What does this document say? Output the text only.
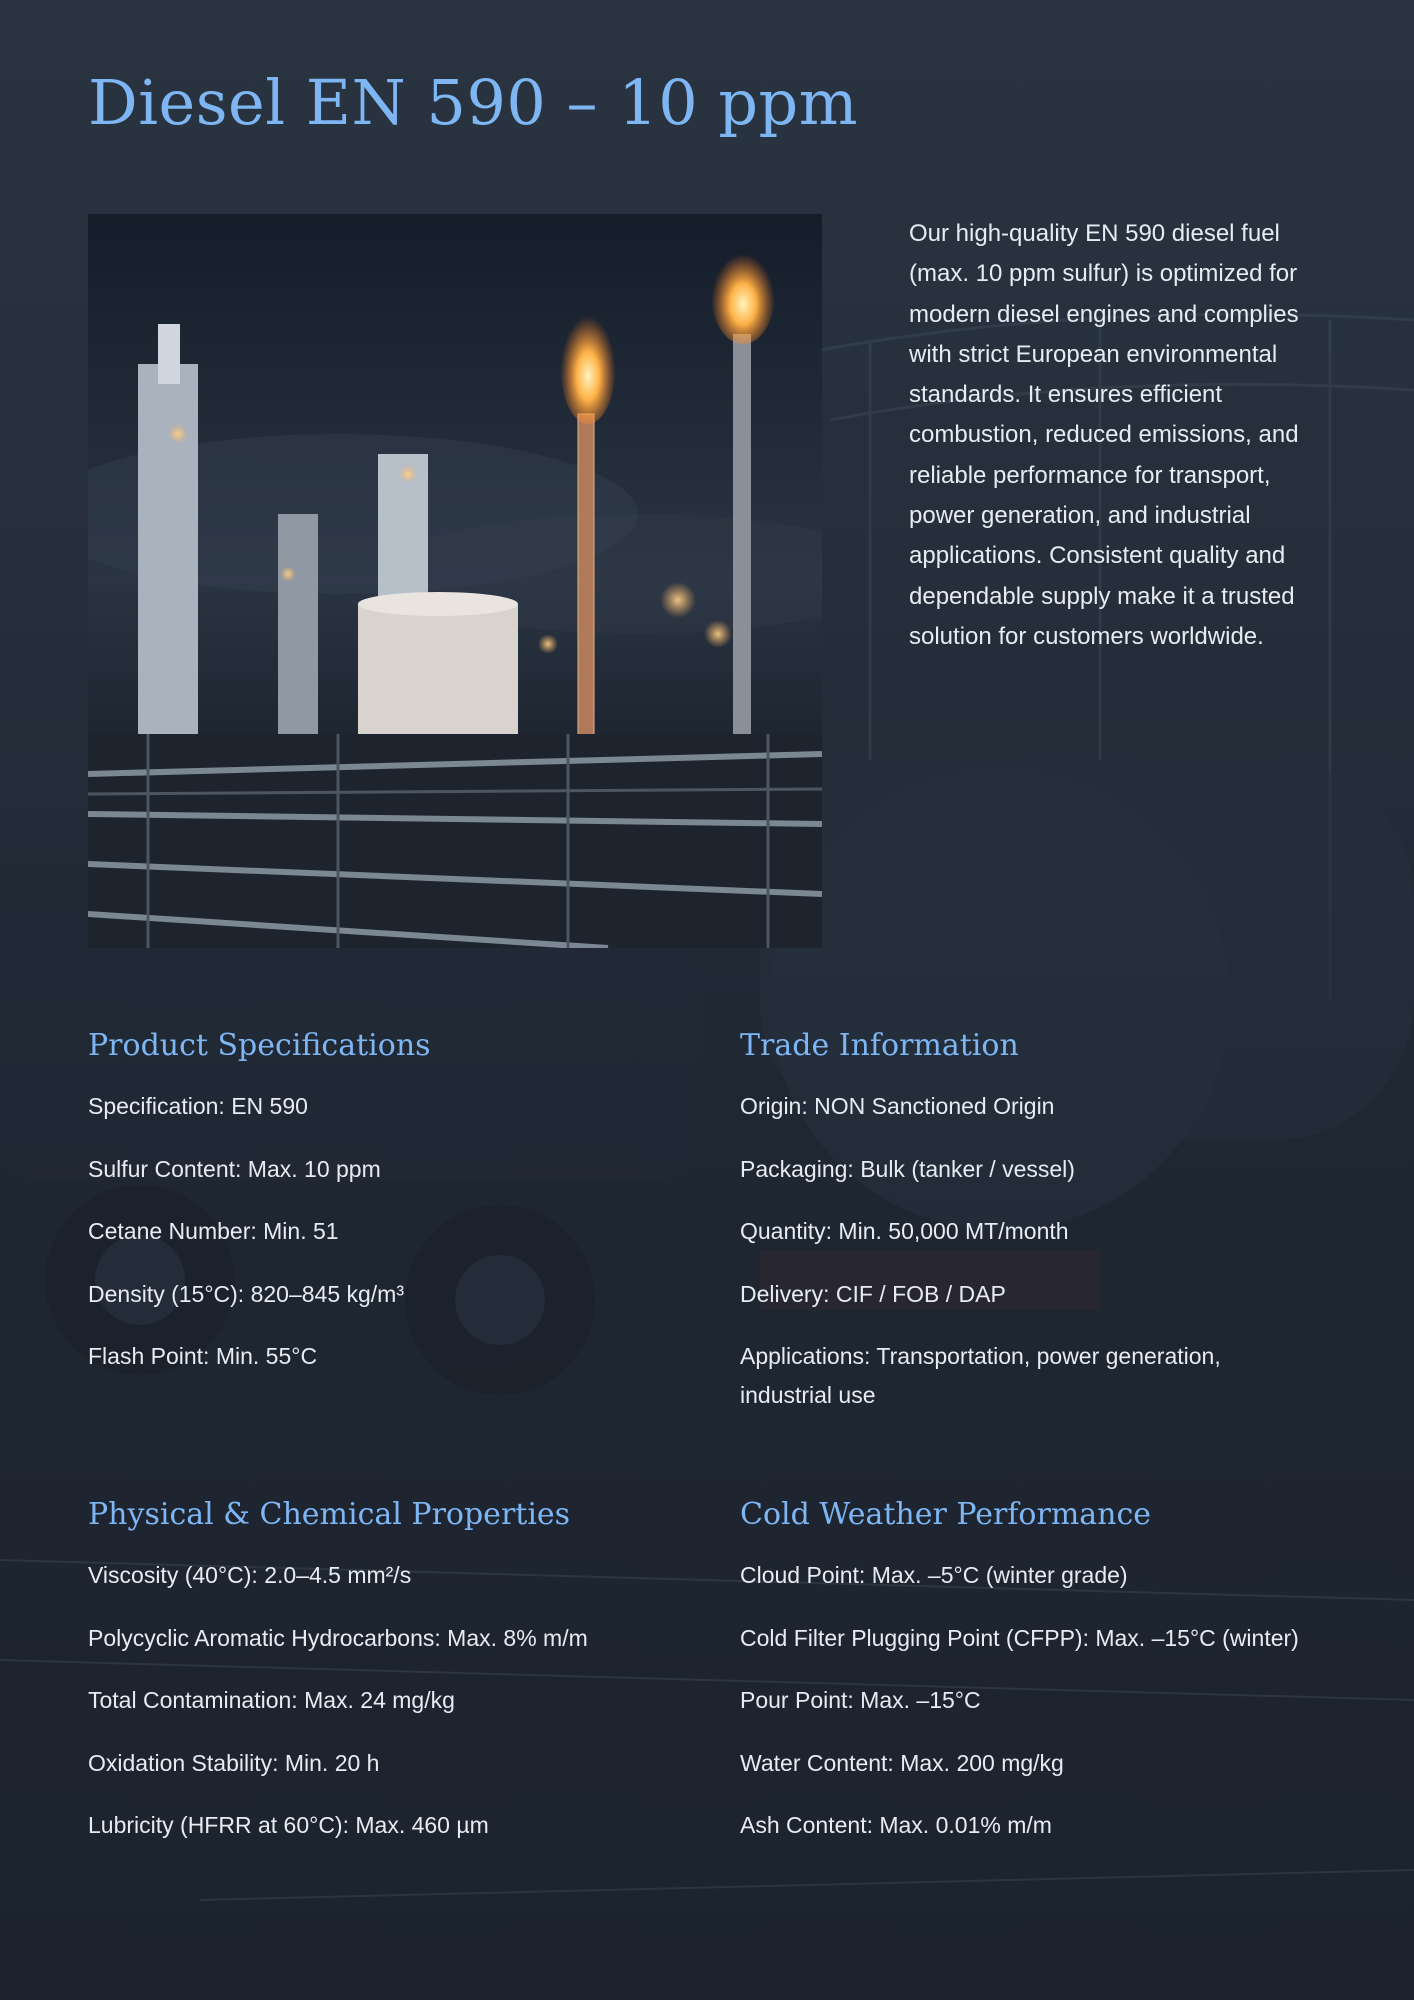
Diesel EN 590 – 10 ppm

Our high-quality EN 590 diesel fuel (max. 10 ppm sulfur) is optimized for modern diesel engines and complies with strict European environmental standards. It ensures efficient combustion, reduced emissions, and reliable performance for transport, power generation, and industrial applications. Consistent quality and dependable supply make it a trusted solution for customers worldwide.

Product Specifications
Specification: EN 590
Sulfur Content: Max. 10 ppm
Cetane Number: Min. 51
Density (15°C): 820–845 kg/m³
Flash Point: Min. 55°C
Trade Information
Origin: NON Sanctioned Origin
Packaging: Bulk (tanker / vessel)
Quantity: Min. 50,000 MT/month
Delivery: CIF / FOB / DAP
Applications: Transportation, power generation, industrial use
Physical & Chemical Properties
Viscosity (40°C): 2.0–4.5 mm²/s
Polycyclic Aromatic Hydrocarbons: Max. 8% m/m
Total Contamination: Max. 24 mg/kg
Oxidation Stability: Min. 20 h
Lubricity (HFRR at 60°C): Max. 460 µm
Cold Weather Performance
Cloud Point: Max. –5°C (winter grade)
Cold Filter Plugging Point (CFPP): Max. –15°C (winter)
Pour Point: Max. –15°C
Water Content: Max. 200 mg/kg
Ash Content: Max. 0.01% m/m
